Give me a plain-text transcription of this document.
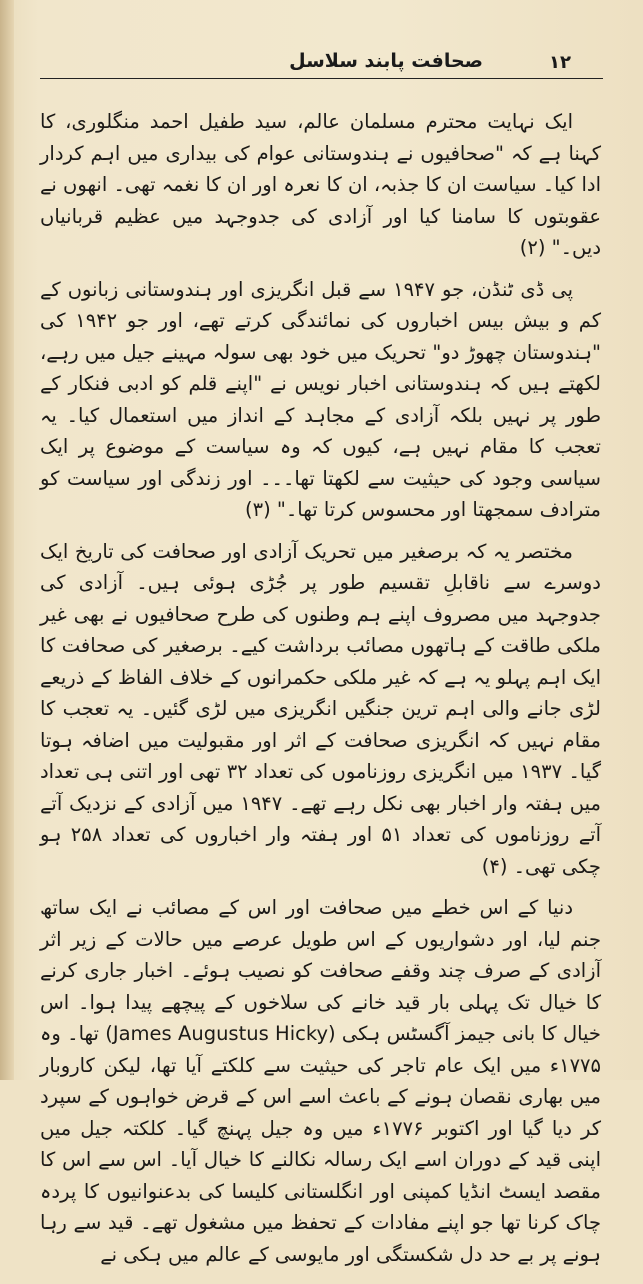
۱۲
صحافت پابند سلاسل

ایک نہایت محترم مسلمان عالم، سید طفیل احمد منگلوری، کا کہنا ہے کہ "صحافیوں نے ہندوستانی عوام کی بیداری میں اہم کردار ادا کیا۔ سیاست ان کا جذبہ، ان کا نعرہ اور ان کا نغمہ تھی۔ انھوں نے عقوبتوں کا سامنا کیا اور آزادی کی جدوجہد میں عظیم قربانیاں دیں۔" (۲)

پی ڈی ٹنڈن، جو ۱۹۴۷ سے قبل انگریزی اور ہندوستانی زبانوں کے کم و بیش بیس اخباروں کی نمائندگی کرتے تھے، اور جو ۱۹۴۲ کی "ہندوستان چھوڑ دو" تحریک میں خود بھی سولہ مہینے جیل میں رہے، لکھتے ہیں کہ ہندوستانی اخبار نویس نے "اپنے قلم کو ادبی فنکار کے طور پر نہیں بلکہ آزادی کے مجاہد کے انداز میں استعمال کیا۔ یہ تعجب کا مقام نہیں ہے، کیوں کہ وہ سیاست کے موضوع پر ایک سیاسی وجود کی حیثیت سے لکھتا تھا۔۔۔ اور زندگی اور سیاست کو مترادف سمجھتا اور محسوس کرتا تھا۔" (۳)

مختصر یہ کہ برصغیر میں تحریک آزادی اور صحافت کی تاریخ ایک دوسرے سے ناقابلِ تقسیم طور پر جُڑی ہوئی ہیں۔ آزادی کی جدوجہد میں مصروف اپنے ہم وطنوں کی طرح صحافیوں نے بھی غیر ملکی طاقت کے ہاتھوں مصائب برداشت کیے۔ برصغیر کی صحافت کا ایک اہم پہلو یہ ہے کہ غیر ملکی حکمرانوں کے خلاف الفاظ کے ذریعے لڑی جانے والی اہم ترین جنگیں انگریزی میں لڑی گئیں۔ یہ تعجب کا مقام نہیں کہ انگریزی صحافت کے اثر اور مقبولیت میں اضافہ ہوتا گیا۔ ۱۹۳۷ میں انگریزی روزناموں کی تعداد ۳۲ تھی اور اتنی ہی تعداد میں ہفتہ وار اخبار بھی نکل رہے تھے۔ ۱۹۴۷ میں آزادی کے نزدیک آتے آتے روزناموں کی تعداد ۵۱ اور ہفتہ وار اخباروں کی تعداد ۲۵۸ ہو چکی تھی۔ (۴)

دنیا کے اس خطے میں صحافت اور اس کے مصائب نے ایک ساتھ جنم لیا، اور دشواریوں کے اس طویل عرصے میں حالات کے زیر اثر آزادی کے صرف چند وقفے صحافت کو نصیب ہوئے۔ اخبار جاری کرنے کا خیال تک پہلی بار قید خانے کی سلاخوں کے پیچھے پیدا ہوا۔ اس خیال کا بانی جیمز آگسٹس ہکی (James Augustus Hicky) تھا۔ وہ ۱۷۷۵ء میں ایک عام تاجر کی حیثیت سے کلکتے آیا تھا، لیکن کاروبار میں بھاری نقصان ہونے کے باعث اسے اس کے قرض خواہوں کے سپرد کر دیا گیا اور اکتوبر ۱۷۷۶ء میں وہ جیل پہنچ گیا۔ کلکتہ جیل میں اپنی قید کے دوران اسے ایک رسالہ نکالنے کا خیال آیا۔ اس سے اس کا مقصد ایسٹ انڈیا کمپنی اور انگلستانی کلیسا کی بدعنوانیوں کا پردہ چاک کرنا تھا جو اپنے مفادات کے تحفظ میں مشغول تھے۔ قید سے رہا ہونے پر بے حد دل شکستگی اور مایوسی کے عالم میں ہکی نے
